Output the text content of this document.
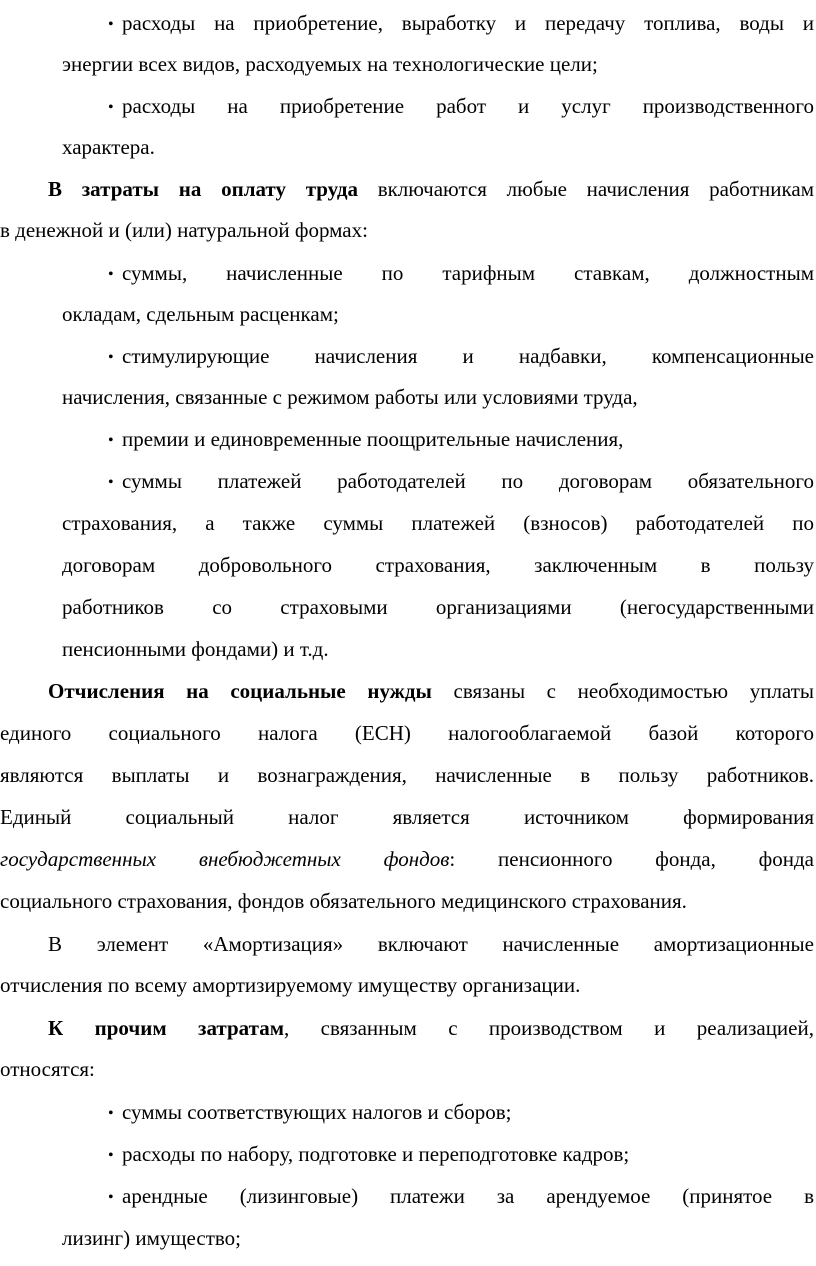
• расходы на приобретение, выработку и передачу топлива, воды и
энергии всех видов, расходуемых на технологические цели;
• расходы на приобретение работ и услуг производственного
характера.
В затраты на оплату труда включаются любые начисления работникам
в денежной и (или) натуральной формах:
• суммы, начисленные по тарифным ставкам, должностным
окладам, сдельным расценкам;
• стимулирующие начисления и надбавки, компенсационные
начисления, связанные с режимом работы или условиями труда,
• премии и единовременные поощрительные начисления,
• суммы платежей работодателей по договорам обязательного
страхования, а также суммы платежей (взносов) работодателей по
договорам добровольного страхования, заключенным в пользу
работников со страховыми организациями (негосударственными
пенсионными фондами) и т.д.
Отчисления на социальные нужды связаны с необходимостью уплаты
единого социального налога (ЕСН) налогооблагаемой базой которого
являются выплаты и вознаграждения, начисленные в пользу работников.
Единый социальный налог является источником формирования
государственных внебюджетных фондов: пенсионного фонда, фонда
социального страхования, фондов обязательного медицинского страхования.
В элемент «Амортизация» включают начисленные амортизационные
отчисления по всему амортизируемому имуществу организации.
К прочим затратам, связанным с производством и реализацией,
относятся:
• суммы соответствующих налогов и сборов;
• расходы по набору, подготовке и переподготовке кадров;
• арендные (лизинговые) платежи за арендуемое (принятое в
лизинг) имущество;
